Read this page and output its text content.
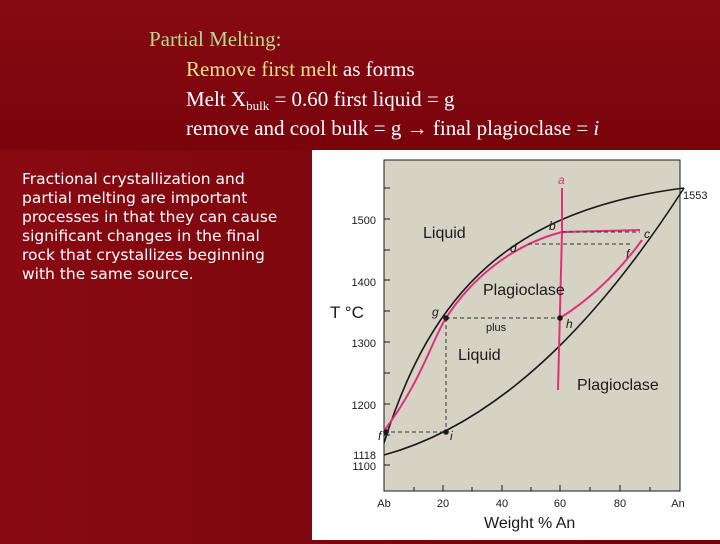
Partial Melting:
Remove first melt as forms
Melt $X_{bulk} = 0.60$ first liquid = g
remove and cool bulk = g → final plagioclase = i
Fractional crystallization and partial melting are important processes in that they can cause significant changes in the final rock that crystallizes beginning with the same source.
1500
1400
1300
1200
1100
1118
1553
T °C
Ab	20	40	60	80	An
Weight % An
a
b
c
d	f
g
h
i
f
Liquid
Plagioclase
plus
Liquid
Plagioclase
